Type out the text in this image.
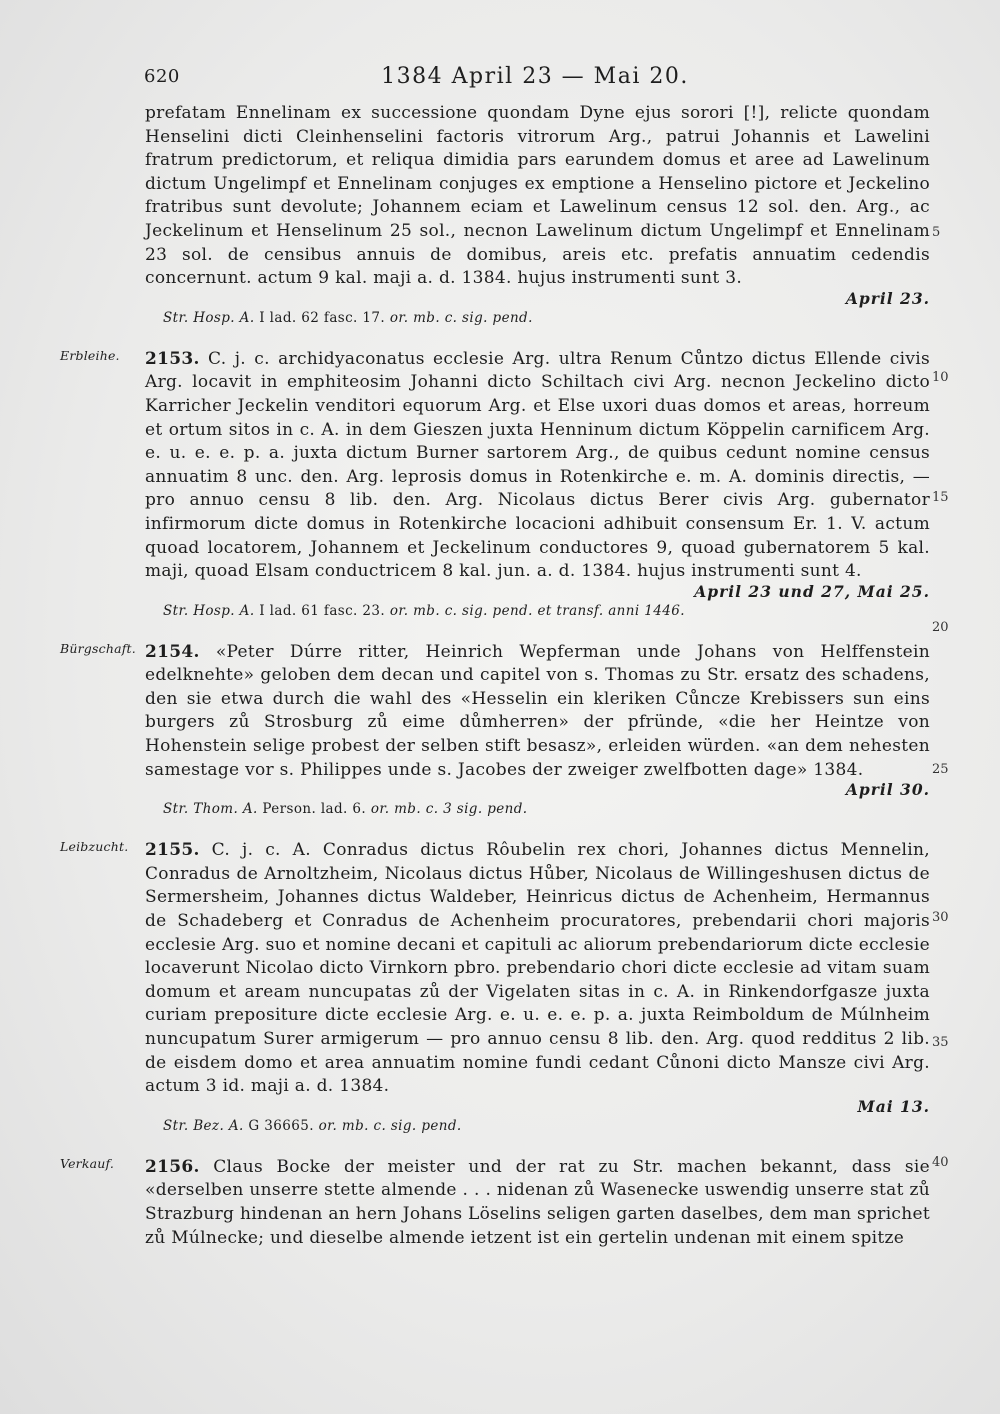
620	1384 April 23 — Mai 20.

prefatam Ennelinam ex successione quondam Dyne ejus sorori [!], relicte quondam Henselini dicti Cleinhenselini factoris vitrorum Arg., patrui Johannis et Lawelini fratrum predictorum, et reliqua dimidia pars earundem domus et aree ad Lawelinum dictum Ungelimpf et Ennelinam conjuges ex emptione a Henselino pictore et Jeckelino fratribus sunt devolute; Johannem eciam et Lawelinum census 12 sol. den. Arg., ac Jeckelinum et Henselinum 25 sol., necnon Lawelinum dictum Ungelimpf et Ennelinam 23 sol. de censibus annuis de domibus, areis etc. prefatis annuatim cedendis concernunt. actum 9 kal. maji a. d. 1384. hujus instrumenti sunt 3.

April 23.
Str. Hosp. A. I lad. 62 fasc. 17. or. mb. c. sig. pend.
Erbleihe.	2153. C. j. c. archidyaconatus ecclesie Arg. ultra Renum Cůntzo dictus Ellende civis Arg. locavit in emphiteosim Johanni dicto Schiltach civi Arg. necnon Jeckelino dicto Karricher Jeckelin venditori equorum Arg. et Else uxori duas domos et areas, horreum et ortum sitos in c. A. in dem Gieszen juxta Henninum dictum Köppelin carnificem Arg. e. u. e. e. p. a. juxta dictum Burner sartorem Arg., de quibus cedunt nomine census annuatim 8 unc. den. Arg. leprosis domus in Rotenkirche e. m. A. dominis directis, — pro annuo censu 8 lib. den. Arg. Nicolaus dictus Berer civis Arg. gubernator infirmorum dicte domus in Rotenkirche locacioni adhibuit consensum Er. 1. V. actum quoad locatorem, Johannem et Jeckelinum conductores 9, quoad gubernatorem 5 kal. maji, quoad Elsam conductricem 8 kal. jun. a. d. 1384. hujus instrumenti sunt 4.

April 23 und 27, Mai 25.
Str. Hosp. A. I lad. 61 fasc. 23. or. mb. c. sig. pend. et transf. anni 1446.
Bürgschaft. 2154. «Peter Dúrre ritter, Heinrich Wepferman unde Johans von Helffenstein edelknehte» geloben dem decan und capitel von s. Thomas zu Str. ersatz des schadens, den sie etwa durch die wahl des «Hesselin ein kleriken Cůncze Krebissers sun eins burgers zů Strosburg zů eime důmherren» der pfründe, «die her Heintze von Hohenstein selige probest der selben stift besasz», erleiden würden. «an dem nehesten samestage vor s. Philippes unde s. Jacobes der zweiger zwelfbotten dage» 1384.

April 30.
Str. Thom. A. Person. lad. 6. or. mb. c. 3 sig. pend.
Leibzucht. 2155. C. j. c. A. Conradus dictus Rôubelin rex chori, Johannes dictus Mennelin, Conradus de Arnoltzheim, Nicolaus dictus Hůber, Nicolaus de Willingeshusen dictus de Sermersheim, Johannes dictus Waldeber, Heinricus dictus de Achenheim, Hermannus de Schadeberg et Conradus de Achenheim procuratores, prebendarii chori majoris ecclesie Arg. suo et nomine decani et capituli ac aliorum prebendariorum dicte ecclesie locaverunt Nicolao dicto Virnkorn pbro. prebendario chori dicte ecclesie ad vitam suam domum et aream nuncupatas zů der Vigelaten sitas in c. A. in Rinkendorfgasze juxta curiam prepositure dicte ecclesie Arg. e. u. e. e. p. a. juxta Reimboldum de Múlnheim nuncupatum Surer armigerum — pro annuo censu 8 lib. den. Arg. quod redditus 2 lib. de eisdem domo et area annuatim nomine fundi cedant Cůnoni dicto Mansze civi Arg. actum 3 id. maji a. d. 1384.

Mai 13.
Str. Bez. A. G 36665. or. mb. c. sig. pend.
Verkauf.	2156. Claus Bocke der meister und der rat zu Str. machen bekannt, dass sie «derselben unserre stette almende . . . nidenan zů Wasenecke uswendig unserre stat zů Strazburg hindenan an hern Johans Löselins seligen garten daselbes, dem man sprichet zů Múlnecke; und dieselbe almende ietzent ist ein gertelin undenan mit einem spitze

5
10
15
20
25
30
35
40
